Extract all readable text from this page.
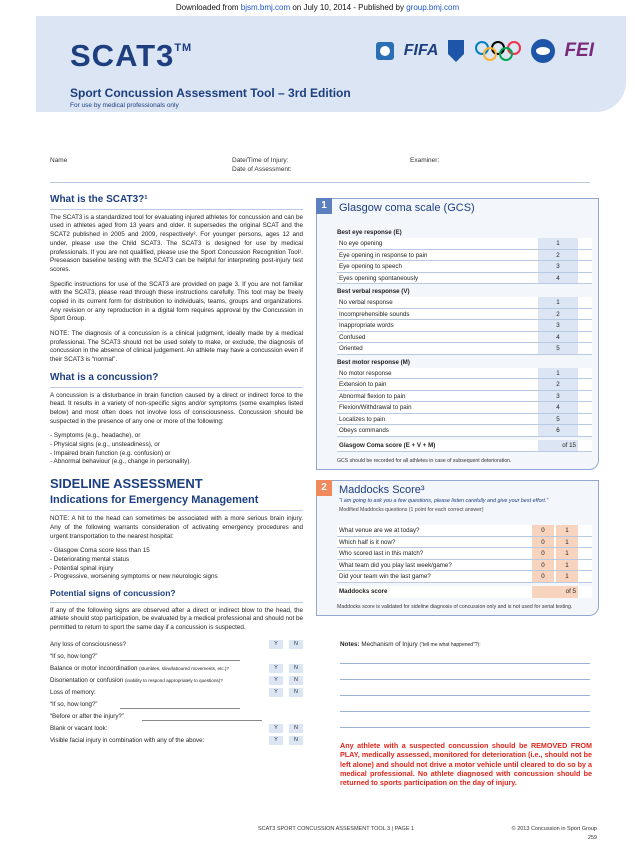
Downloaded from bjsm.bmj.com on July 10, 2014 - Published by group.bmj.com
SCAT3™
Sport Concussion Assessment Tool – 3rd Edition
For use by medical professionals only
FIFA	FEI
Name	Date/Time of Injury:
Date of Assessment:
Examiner:
What is the SCAT3?¹

The SCAT3 is a standardized tool for evaluating injured athletes for concussion and can be used in athletes aged from 13 years and older. It supersedes the original SCAT and the SCAT2 published in 2005 and 2009, respectively². For younger persons, ages 12 and under, please use the Child SCAT3. The SCAT3 is designed for use by medical professionals. If you are not qualified, please use the Sport Concussion Recognition Tool¹. Preseason baseline testing with the SCAT3 can be helpful for interpreting post-injury test scores.

Specific instructions for use of the SCAT3 are provided on page 3. If you are not familiar with the SCAT3, please read through these instructions carefully. This tool may be freely copied in its current form for distribution to individuals, teams, groups and organizations. Any revision or any reproduction in a digital form requires approval by the Concussion in Sport Group.

NOTE: The diagnosis of a concussion is a clinical judgment, ideally made by a medical professional. The SCAT3 should not be used solely to make, or exclude, the diagnosis of concussion in the absence of clinical judgement. An athlete may have a concussion even if their SCAT3 is “normal”.

What is a concussion?

A concussion is a disturbance in brain function caused by a direct or indirect force to the head. It results in a variety of non-specific signs and/or symptoms (some examples listed below) and most often does not involve loss of consciousness. Concussion should be suspected in the presence of any one or more of the following:

- Symptoms (e.g., headache), or
- Physical signs (e.g., unsteadiness), or
- Impaired brain function (e.g. confusion) or
- Abnormal behaviour (e.g., change in personality).
SIDELINE ASSESSMENT
Indications for Emergency Management

NOTE: A hit to the head can sometimes be associated with a more serious brain injury. Any of the following warrants consideration of activating emergency procedures and urgent transportation to the nearest hospital:

- Glasgow Coma score less than 15
- Deteriorating mental status
- Potential spinal injury
- Progressive, worsening symptoms or new neurologic signs
Potential signs of concussion?

If any of the following signs are observed after a direct or indirect blow to the head, the athlete should stop participation, be evaluated by a medical professional and should not be permitted to return to sport the same day if a concussion is suspected.

Any loss of consciousness?	Y	N
“If so, how long?”
Balance or motor incoordination (stumbles, slow/laboured movements, etc.)?	Y	N
Disorientation or confusion (inability to respond appropriately to questions)?	Y	N
Loss of memory:	Y	N
“If so, how long?”
“Before or after the injury?”
Blank or vacant look:	Y	N
Visible facial injury in combination with any of the above:	Y	N
1	Glasgow coma scale (GCS)
Best eye response (E)
No eye opening	1
Eye opening in response to pain	2
Eye opening to speech	3
Eyes opening spontaneously	4
Best verbal response (V)
No verbal response	1
Incomprehensible sounds	2
Inappropriate words	3
Confused	4
Oriented	5
Best motor response (M)
No motor response	1
Extension to pain	2
Abnormal flexion to pain	3
Flexion/Withdrawal to pain	4
Localizes to pain	5
Obeys commands	6
Glasgow Coma score (E + V + M)	of 15
GCS should be recorded for all athletes in case of subsequent deterioration.
2	Maddocks Score³
“I am going to ask you a few questions, please listen carefully and give your best effort.”
Modified Maddocks questions (1 point for each correct answer)
What venue are we at today?	0	1
Which half is it now?	0	1
Who scored last in this match?	0	1
What team did you play last week/game?	0	1
Did your team win the last game?	0	1
Maddocks score	of 5
Maddocks score is validated for sideline diagnosis of concussion only and is not used for serial testing.
Notes: Mechanism of Injury (“tell me what happened”?):
Any athlete with a suspected concussion should be REMOVED FROM PLAY, medically assessed, monitored for deterioration (i.e., should not be left alone) and should not drive a motor vehicle until cleared to do so by a medical professional. No athlete diagnosed with concussion should be returned to sports participation on the day of injury.
SCAT3 SPORT CONCUSSION ASSESMENT TOOL 3 | PAGE 1	© 2013 Concussion in Sport Group
259
